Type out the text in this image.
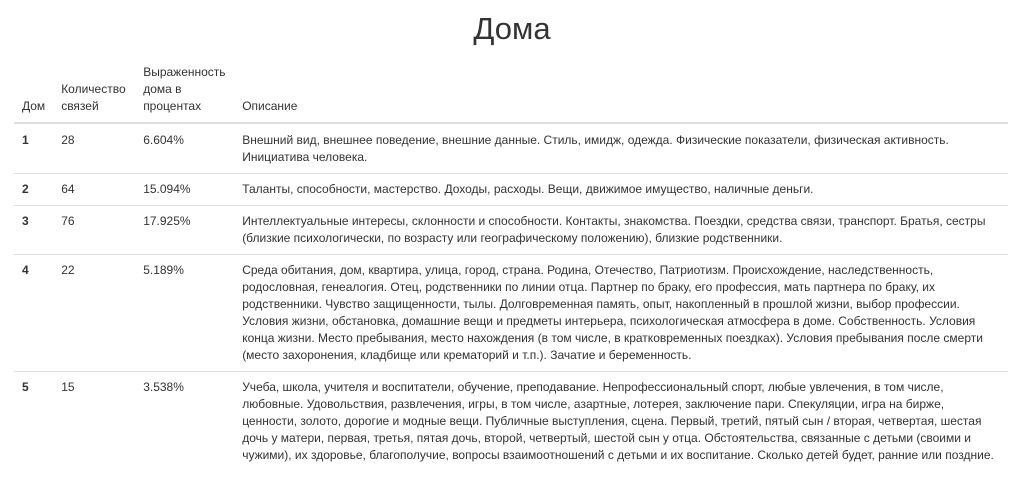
Дома
Дом	Количество связей	Выраженность дома в процентах	Описание
1	28	6.604%	Внешний вид, внешнее поведение, внешние данные. Стиль, имидж, одежда. Физические показатели, физическая активность. Инициатива человека.
2	64	15.094%	Таланты, способности, мастерство. Доходы, расходы. Вещи, движимое имущество, наличные деньги.
3	76	17.925%	Интеллектуальные интересы, склонности и способности. Контакты, знакомства. Поездки, средства связи, транспорт. Братья, сестры (близкие психологически, по возрасту или географическому положению), близкие родственники.
4	22	5.189%	Среда обитания, дом, квартира, улица, город, страна. Родина, Отечество, Патриотизм. Происхождение, наследственность, родословная, генеалогия. Отец, родственники по линии отца. Партнер по браку, его профессия, мать партнера по браку, их родственники. Чувство защищенности, тылы. Долговременная память, опыт, накопленный в прошлой жизни, выбор профессии. Условия жизни, обстановка, домашние вещи и предметы интерьера, психологическая атмосфера в доме. Собственность. Условия конца жизни. Место пребывания, место нахождения (в том числе, в кратковременных поездках). Условия пребывания после смерти (место захоронения, кладбище или крематорий и т.п.). Зачатие и беременность.
5	15	3.538%	Учеба, школа, учителя и воспитатели, обучение, преподавание. Непрофессиональный спорт, любые увлечения, в том числе, любовные. Удовольствия, развлечения, игры, в том числе, азартные, лотерея, заключение пари. Спекуляции, игра на бирже, ценности, золото, дорогие и модные вещи. Публичные выступления, сцена. Первый, третий, пятый сын / вторая, четвертая, шестая дочь у матери, первая, третья, пятая дочь, второй, четвертый, шестой сын у отца. Обстоятельства, связанные с детьми (своими и чужими), их здоровье, благополучие, вопросы взаимоотношений с детьми и их воспитание. Сколько детей будет, ранние или поздние.
